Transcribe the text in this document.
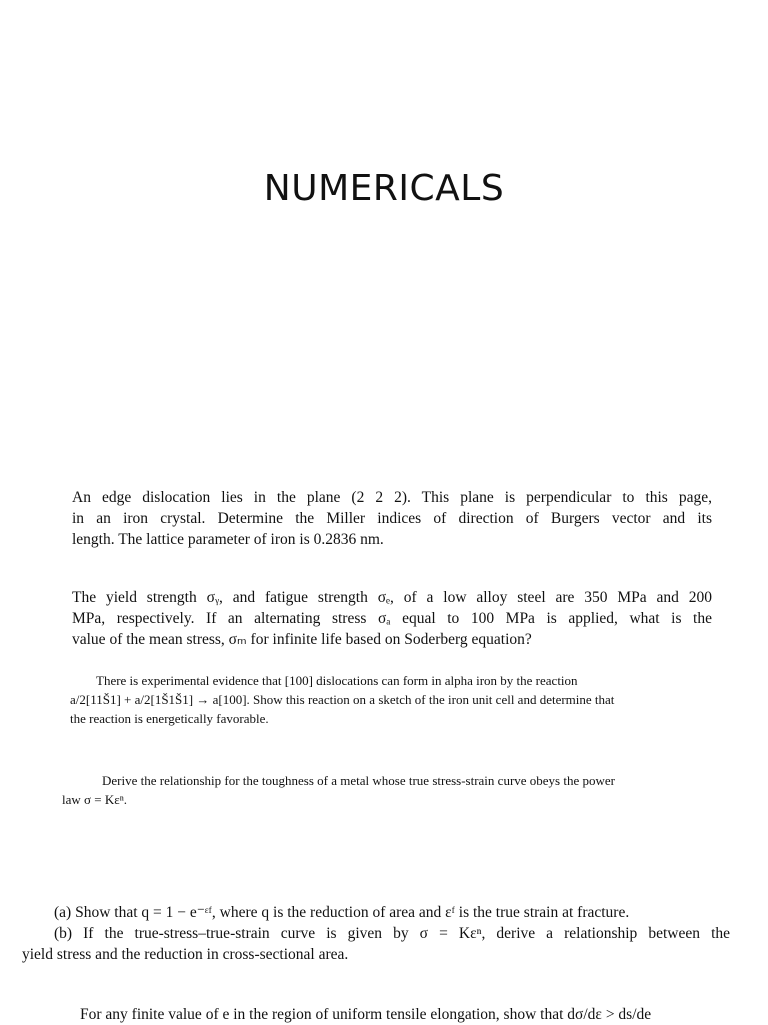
NUMERICALS
An edge dislocation lies in the plane (2 2 2). This plane is perpendicular to this page,
in an iron crystal. Determine the Miller indices of direction of Burgers vector and its
length. The lattice parameter of iron is 0.2836 nm.
The yield strength σᵧ, and fatigue strength σₑ, of a low alloy steel are 350 MPa and 200
MPa, respectively. If an alternating stress σₐ equal to 100 MPa is applied, what is the
value of the mean stress, σₘ for infinite life based on Soderberg equation?
There is experimental evidence that [100] dislocations can form in alpha iron by the reaction
a/2[11Š1] + a/2[1Š1Š1] → a[100]. Show this reaction on a sketch of the iron unit cell and determine that
the reaction is energetically favorable.
Derive the relationship for the toughness of a metal whose true stress-strain curve obeys the power
law σ = Kεⁿ.
(a) Show that q = 1 − e⁻ᵋᶠ, where q is the reduction of area and εᶠ is the true strain at fracture.
(b) If the true-stress–true-strain curve is given by σ = Kεⁿ, derive a relationship between the
yield stress and the reduction in cross-sectional area.
For any finite value of e in the region of uniform tensile elongation, show that dσ/dε > ds/de
